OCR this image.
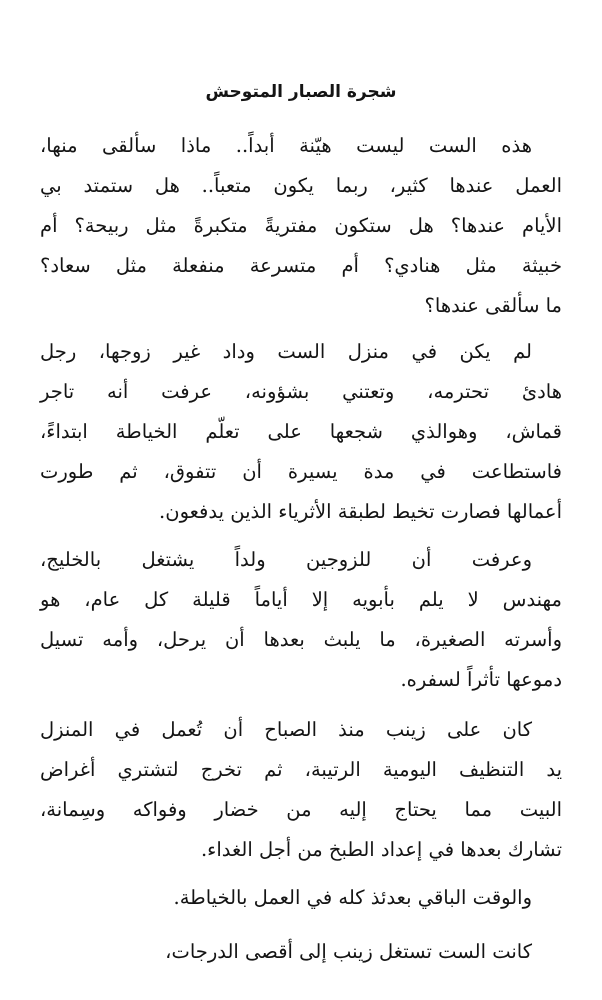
شجرة الصبار المتوحش

هذه الست ليست هيّنة أبداً.. ماذا سألقى منها،
العمل عندها كثير، ربما يكون متعباً.. هل ستمتد بي
الأيام عندها؟ هل ستكون مفتريةً متكبرةً مثل ربيحة؟ أم
خبيثة مثل هنادي؟ أم متسرعة منفعلة مثل سعاد؟
ما سألقى عندها؟

لم يكن في منزل الست وداد غير زوجها، رجل
هادئ تحترمه، وتعتني بشؤونه، عرفت أنه تاجر
قماش، وهوالذي شجعها على تعلّم الخياطة ابتداءً،
فاستطاعت في مدة يسيرة أن تتفوق، ثم طورت
أعمالها فصارت تخيط لطبقة الأثرياء الذين يدفعون.

وعرفت أن للزوجين ولداً يشتغل بالخليج،
مهندس لا يلم بأبويه إلا أياماً قليلة كل عام، هو
وأسرته الصغيرة، ما يلبث بعدها أن يرحل، وأمه تسيل
دموعها تأثراً لسفره.

كان على زينب منذ الصباح أن تُعمل في المنزل
يد التنظيف اليومية الرتيبة، ثم تخرج لتشتري أغراض
البيت مما يحتاج إليه من خضار وفواكه وسِمانة،
تشارك بعدها في إعداد الطبخ من أجل الغداء.

والوقت الباقي بعدئذ كله في العمل بالخياطة.

كانت الست تستغل زينب إلى أقصى الدرجات،
